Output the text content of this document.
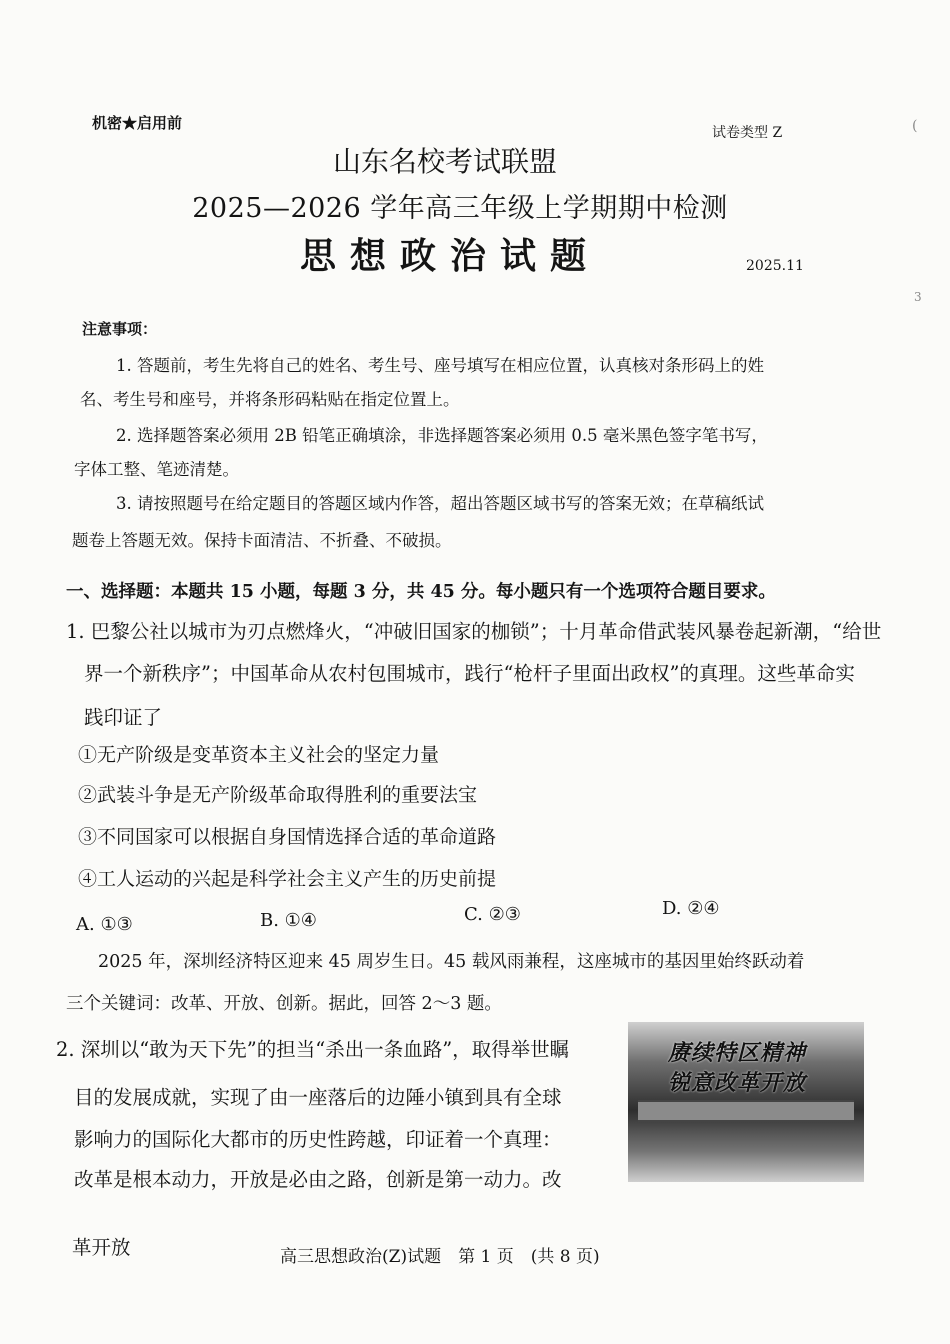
机密★启用前
试卷类型 Z	(
3
山东名校考试联盟
2025—2026 学年高三年级上学期期中检测
思想政治试题	2025.11
注意事项：
1. 答题前，考生先将自己的姓名、考生号、座号填写在相应位置，认真核对条形码上的姓
名、考生号和座号，并将条形码粘贴在指定位置上。
2. 选择题答案必须用 2B 铅笔正确填涂，非选择题答案必须用 0.5 毫米黑色签字笔书写，
字体工整、笔迹清楚。
3. 请按照题号在给定题目的答题区域内作答，超出答题区域书写的答案无效；在草稿纸试
题卷上答题无效。保持卡面清洁、不折叠、不破损。
一、选择题：本题共 15 小题，每题 3 分，共 45 分。每小题只有一个选项符合题目要求。
1. 巴黎公社以城市为刃点燃烽火，“冲破旧国家的枷锁”；十月革命借武装风暴卷起新潮，“给世
界一个新秩序”；中国革命从农村包围城市，践行“枪杆子里面出政权”的真理。这些革命实
践印证了
①无产阶级是变革资本主义社会的坚定力量
②武装斗争是无产阶级革命取得胜利的重要法宝
③不同国家可以根据自身国情选择合适的革命道路
④工人运动的兴起是科学社会主义产生的历史前提
A. ①③	B. ①④	C. ②③	D. ②④
2025 年，深圳经济特区迎来 45 周岁生日。45 载风雨兼程，这座城市的基因里始终跃动着
三个关键词：改革、开放、创新。据此，回答 2～3 题。
2. 深圳以“敢为天下先”的担当“杀出一条血路”，取得举世瞩
目的发展成就，实现了由一座落后的边陲小镇到具有全球
影响力的国际化大都市的历史性跨越，印证着一个真理：
改革是根本动力，开放是必由之路，创新是第一动力。改
革开放
赓续特区精神
锐意改革开放
高三思想政治(Z)试题　第 1 页　(共 8 页)
